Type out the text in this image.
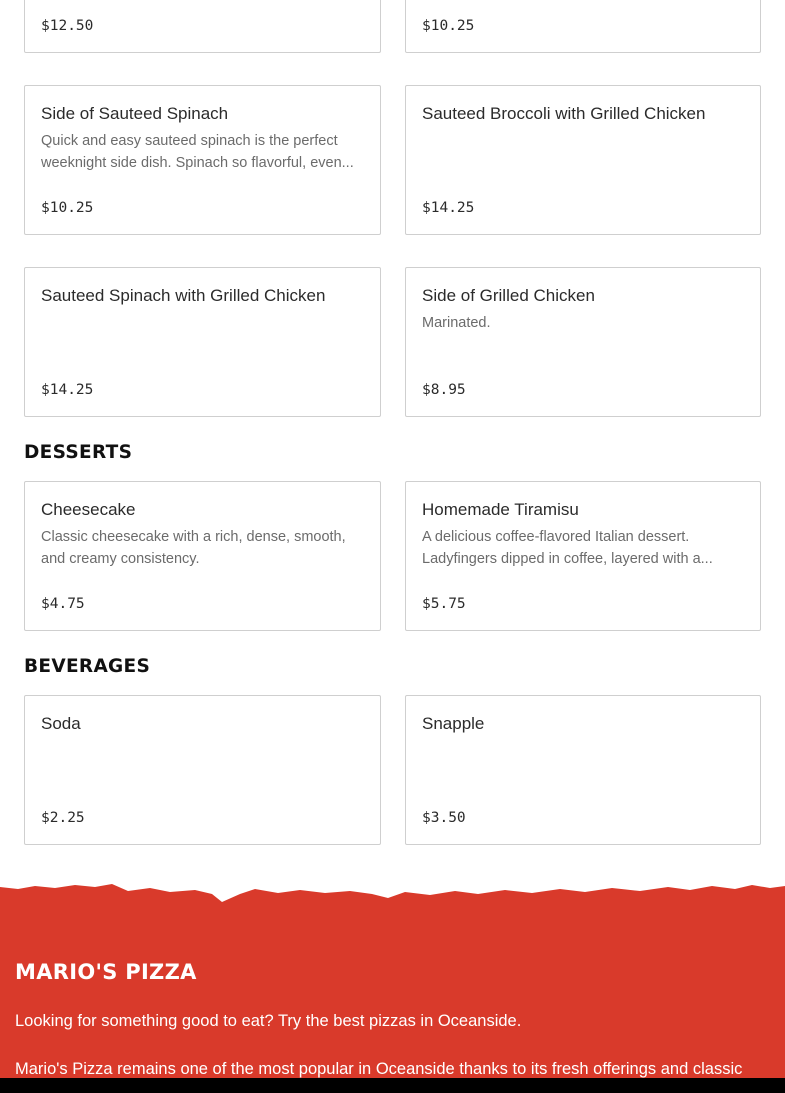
$12.50	$10.25
Side of Sauteed Spinach
Quick and easy sauteed spinach is the perfect weeknight side dish. Spinach so flavorful, even...
$10.25
Sauteed Broccoli with Grilled Chicken
$14.25
Sauteed Spinach with Grilled Chicken
$14.25
Side of Grilled Chicken
Marinated.
$8.95
DESSERTS
Cheesecake
Classic cheesecake with a rich, dense, smooth, and creamy consistency.
$4.75
Homemade Tiramisu
A delicious coffee-flavored Italian dessert. Ladyfingers dipped in coffee, layered with a...
$5.75
BEVERAGES
Soda
$2.25
Snapple
$3.50
MARIO'S PIZZA
Looking for something good to eat? Try the best pizzas in Oceanside.
Mario's Pizza remains one of the most popular in Oceanside thanks to its fresh offerings and classic
